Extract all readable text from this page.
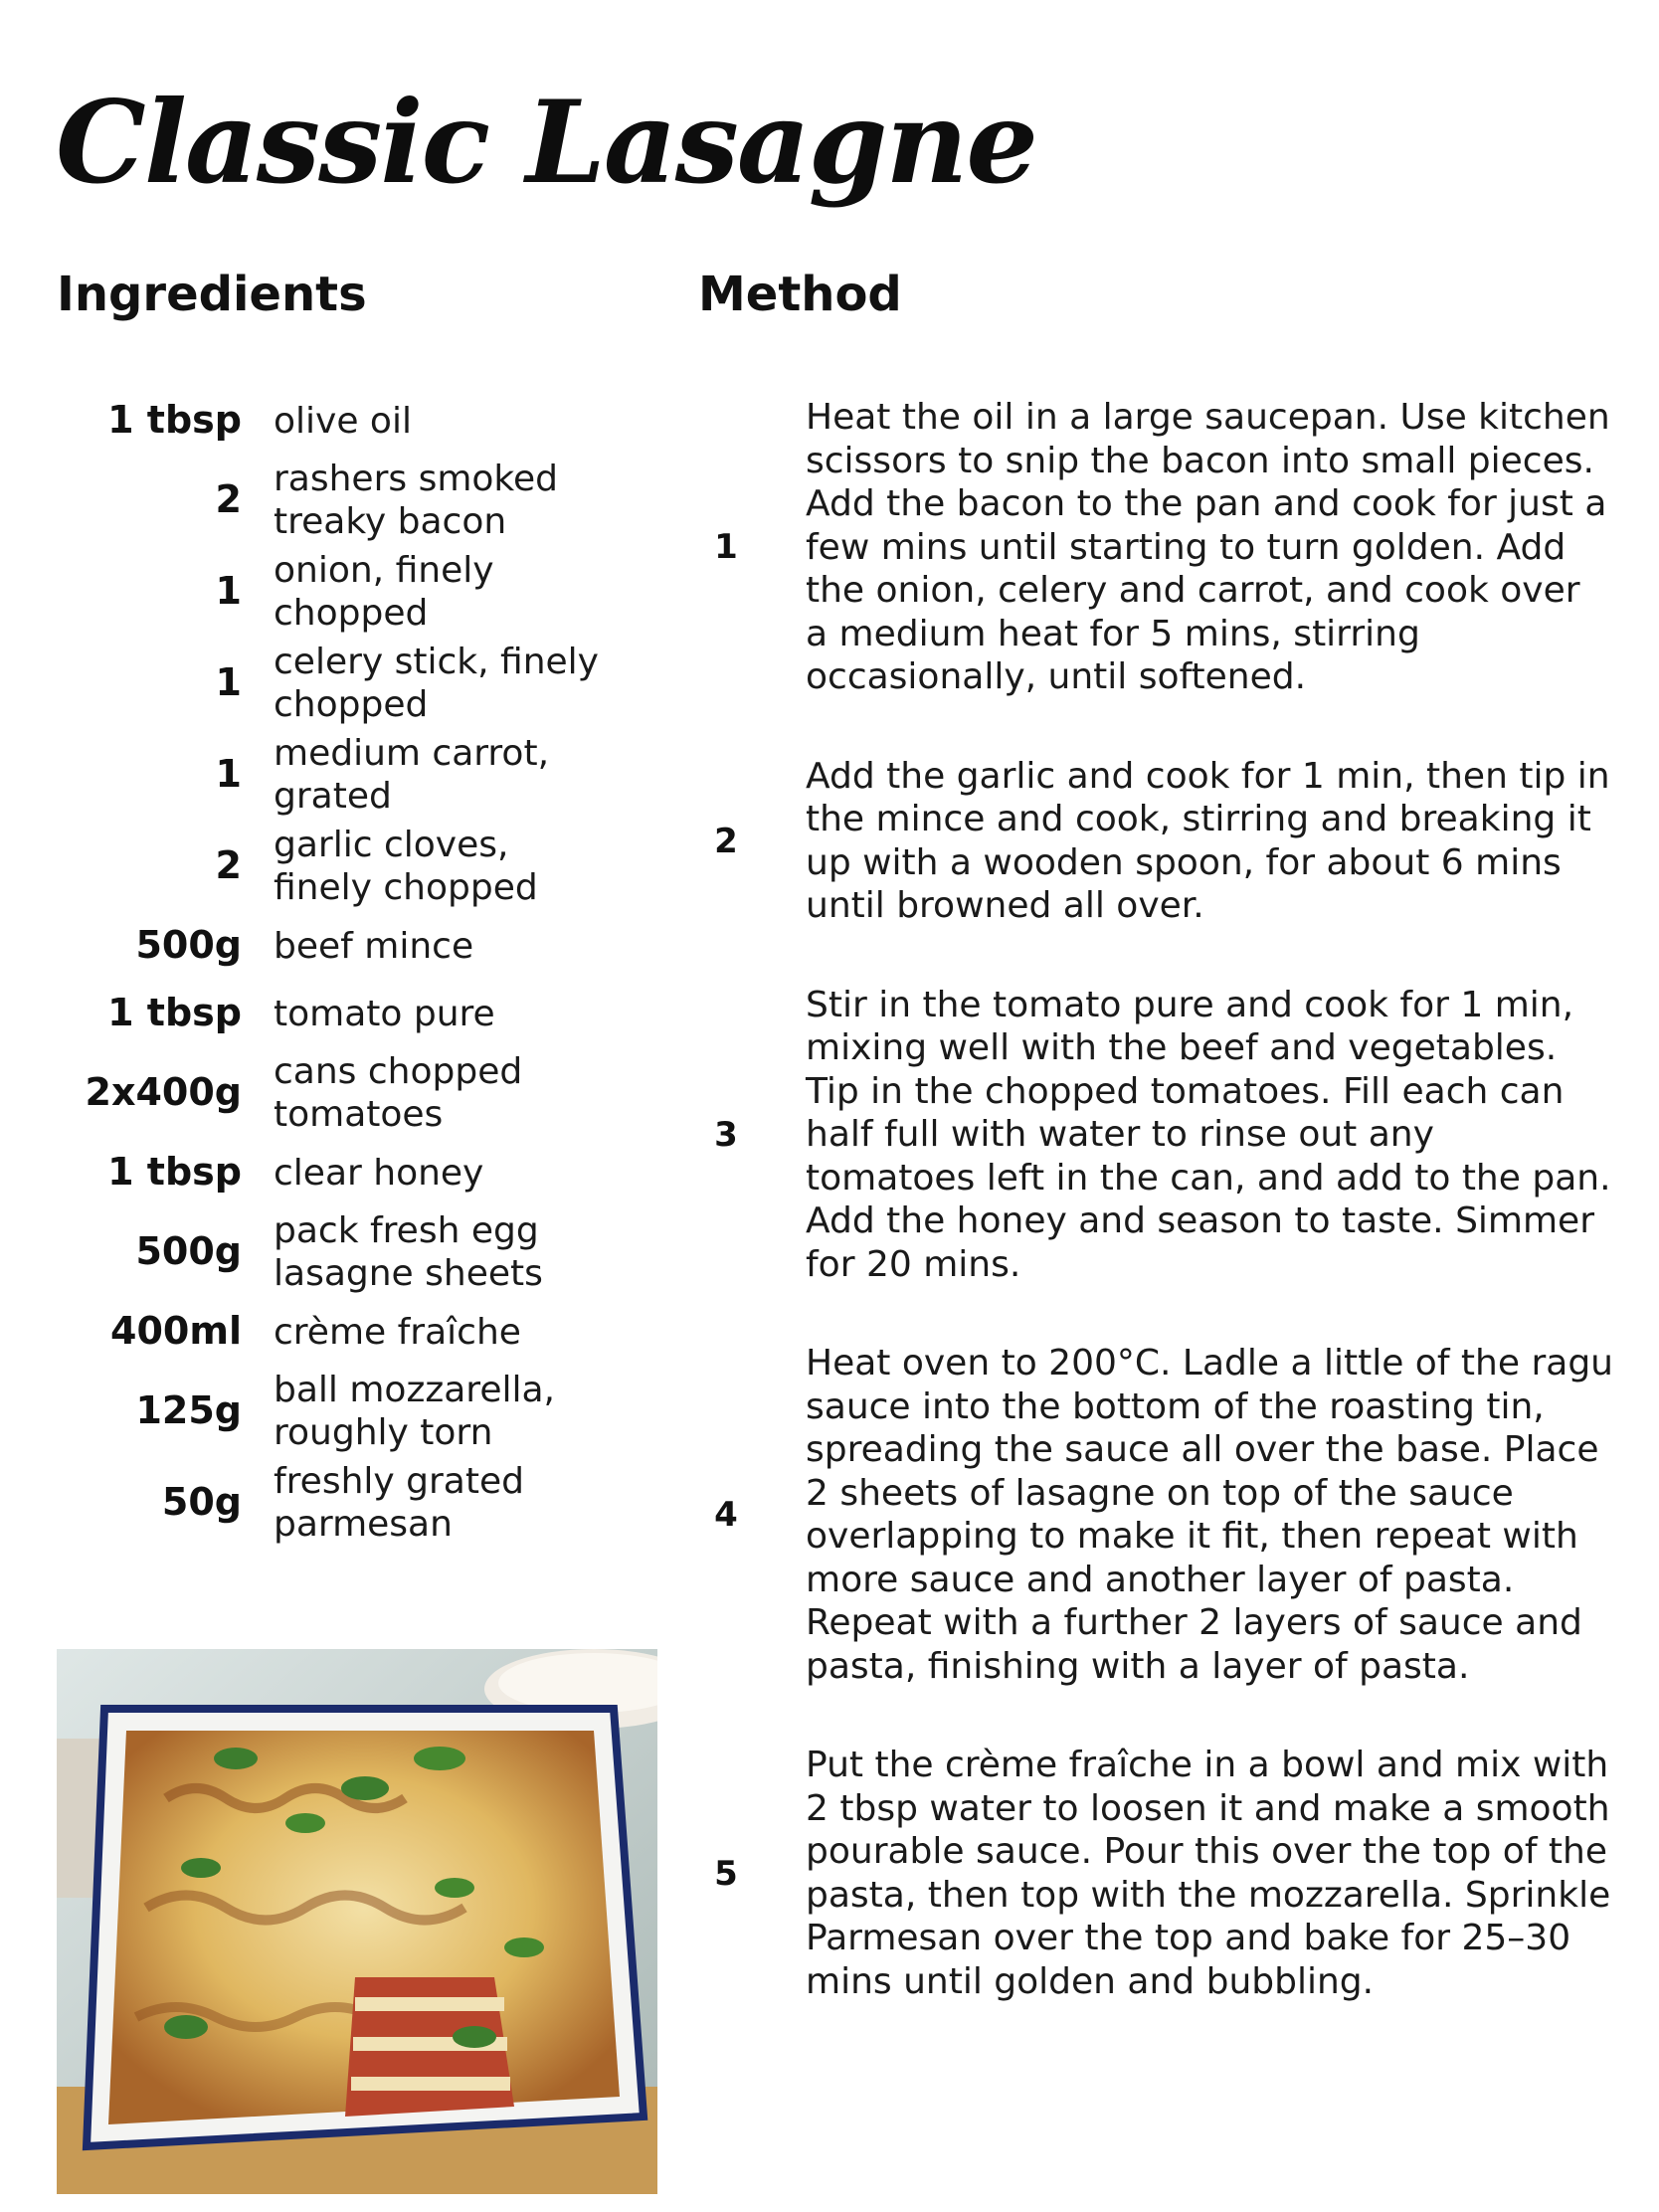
Classic Lasagne
Ingredients	Method
1 tbsp olive oil
2 rashers smoked treaky bacon
1 onion, finely chopped
1 celery stick, finely chopped
1 medium carrot, grated
2 garlic cloves, finely chopped
500g beef mince
1 tbsp tomato pure
2x400g cans chopped tomatoes
1 tbsp clear honey
500g pack fresh egg lasagne sheets
400ml crème fraîche
125g ball mozzarella, roughly torn
50g freshly grated parmesan
1
Heat the oil in a large saucepan. Use kitchen scissors to snip the bacon into small pieces. Add the bacon to the pan and cook for just a few mins until starting to turn golden. Add the onion, celery and carrot, and cook over a medium heat for 5 mins, stirring occasionally, until softened.
2
Add the garlic and cook for 1 min, then tip in the mince and cook, stirring and breaking it up with a wooden spoon, for about 6 mins until browned all over.
3
Stir in the tomato pure and cook for 1 min, mixing well with the beef and vegetables. Tip in the chopped tomatoes. Fill each can half full with water to rinse out any tomatoes left in the can, and add to the pan. Add the honey and season to taste. Simmer for 20 mins.
4
Heat oven to 200°C. Ladle a little of the ragu sauce into the bottom of the roasting tin, spreading the sauce all over the base. Place 2 sheets of lasagne on top of the sauce overlapping to make it fit, then repeat with more sauce and another layer of pasta. Repeat with a further 2 layers of sauce and pasta, finishing with a layer of pasta.
5
Put the crème fraîche in a bowl and mix with 2 tbsp water to loosen it and make a smooth pourable sauce. Pour this over the top of the pasta, then top with the mozzarella. Sprinkle Parmesan over the top and bake for 25–30 mins until golden and bubbling.
